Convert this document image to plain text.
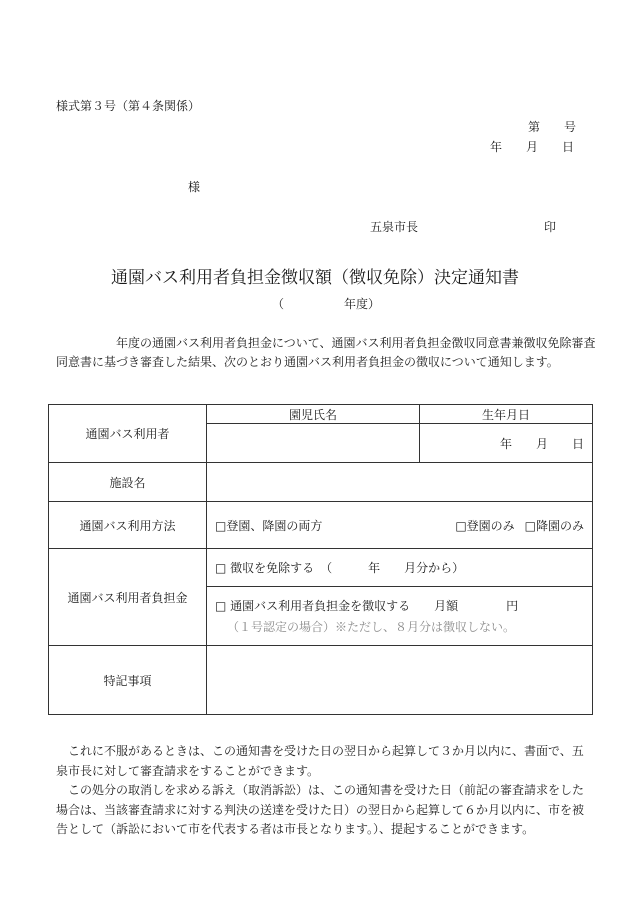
様式第３号（第４条関係）
第　　号
年　　月　　日
様
五泉市長	印
通園バス利用者負担金徴収額（徴収免除）決定通知書
（　　　　　年度）

　　　　　年度の通園バス利用者負担金について、通園バス利用者負担金徴収同意書兼徴収免除審査同意書に基づき審査した結果、次のとおり通園バス利用者負担金の徴収について通知します。

通園バス利用者	園児氏名	生年月日
		年　　月　　日
施設名		
通園バス利用方法	□登園、降園の両方 □登園のみ □降園のみ	

通園バス利用者負担金	□ 徴収を免除する　（　　　年　　月分から）	

	□ 通園バス利用者負担金を徴収する　　月額　　　　円
（１号認定の場合）※ただし、８月分は徴収しない。	

特記事項		

これに不服があるときは、この通知書を受けた日の翌日から起算して３か月以内に、書面で、五泉市長に対して審査請求をすることができます。

この処分の取消しを求める訴え（取消訴訟）は、この通知書を受けた日（前記の審査請求をした場合は、当該審査請求に対する判決の送達を受けた日）の翌日から起算して６か月以内に、市を被告として（訴訟において市を代表する者は市長となります。）、提起することができます。
